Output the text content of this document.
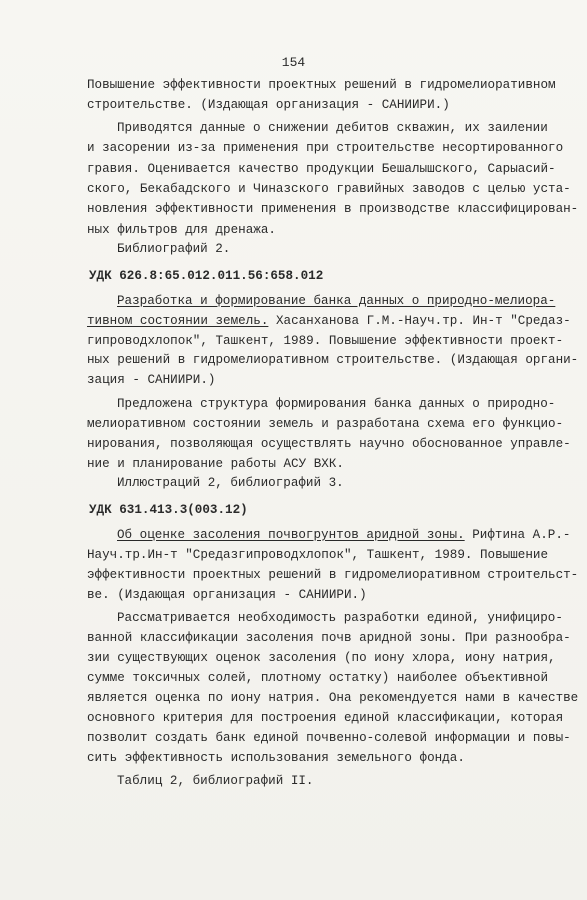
154
Повышение эффективности проектных решений в гидромелиоративном
строительстве. (Издающая организация - САНИИРИ.)
Приводятся данные о снижении дебитов скважин, их заилении
и засорении из-за применения при строительстве несортированного
гравия. Оценивается качество продукции Бешалышского, Сарыасий-
ского, Бекабадского и Чиназского гравийных заводов с целью уста-
новления эффективности применения в производстве классифицирован-
ных фильтров для дренажа.
Библиографий 2.
УДК 626.8:65.012.011.56:658.012
Разработка и формирование банка данных о природно-мелиора-
тивном состоянии земель. Хасанханова Г.М.-Науч.тр. Ин-т "Средаз-
гипроводхлопок", Ташкент, 1989. Повышение эффективности проект-
ных решений в гидромелиоративном строительстве. (Издающая органи-
зация - САНИИРИ.)
Предложена структура формирования банка данных о природно-
мелиоративном состоянии земель и разработана схема его функцио-
нирования, позволяющая осуществлять научно обоснованное управле-
ние и планирование работы АСУ ВХК.
Иллюстраций 2, библиографий 3.
УДК 631.413.3(003.12)
Об оценке засоления почвогрунтов аридной зоны. Рифтина А.Р.-
Науч.тр.Ин-т "Средазгипроводхлопок", Ташкент, 1989. Повышение
эффективности проектных решений в гидромелиоративном строительст-
ве. (Издающая организация - САНИИРИ.)
Рассматривается необходимость разработки единой, унифициро-
ванной классификации засоления почв аридной зоны. При разнообра-
зии существующих оценок засоления (по иону хлора, иону натрия,
сумме токсичных солей, плотному остатку) наиболее объективной
является оценка по иону натрия. Она рекомендуется нами в качестве
основного критерия для построения единой классификации, которая
позволит создать банк единой почвенно-солевой информации и повы-
сить эффективность использования земельного фонда.
Таблиц 2, библиографий II.
